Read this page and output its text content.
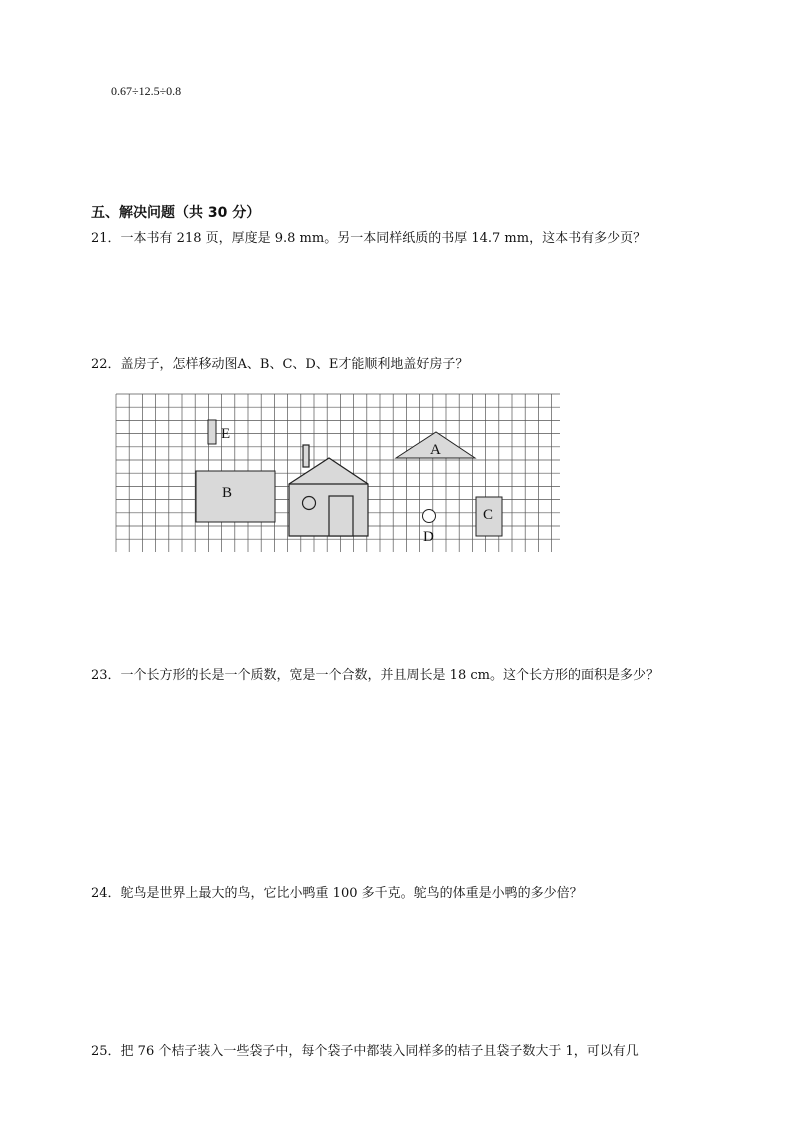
0.67÷12.5÷0.8
五、解决问题（共 30 分）
21．一本书有 218 页，厚度是 9.8 mm。另一本同样纸质的书厚 14.7 mm，这本书有多少页？
22．盖房子，怎样移动图A、B、C、D、E才能顺利地盖好房子？
E
B
A
D
C
23．一个长方形的长是一个质数，宽是一个合数，并且周长是 18 cm。这个长方形的面积是多少？
24．鸵鸟是世界上最大的鸟，它比小鸭重 100 多千克。鸵鸟的体重是小鸭的多少倍？
25．把 76 个桔子装入一些袋子中，每个袋子中都装入同样多的桔子且袋子数大于 1，可以有几
